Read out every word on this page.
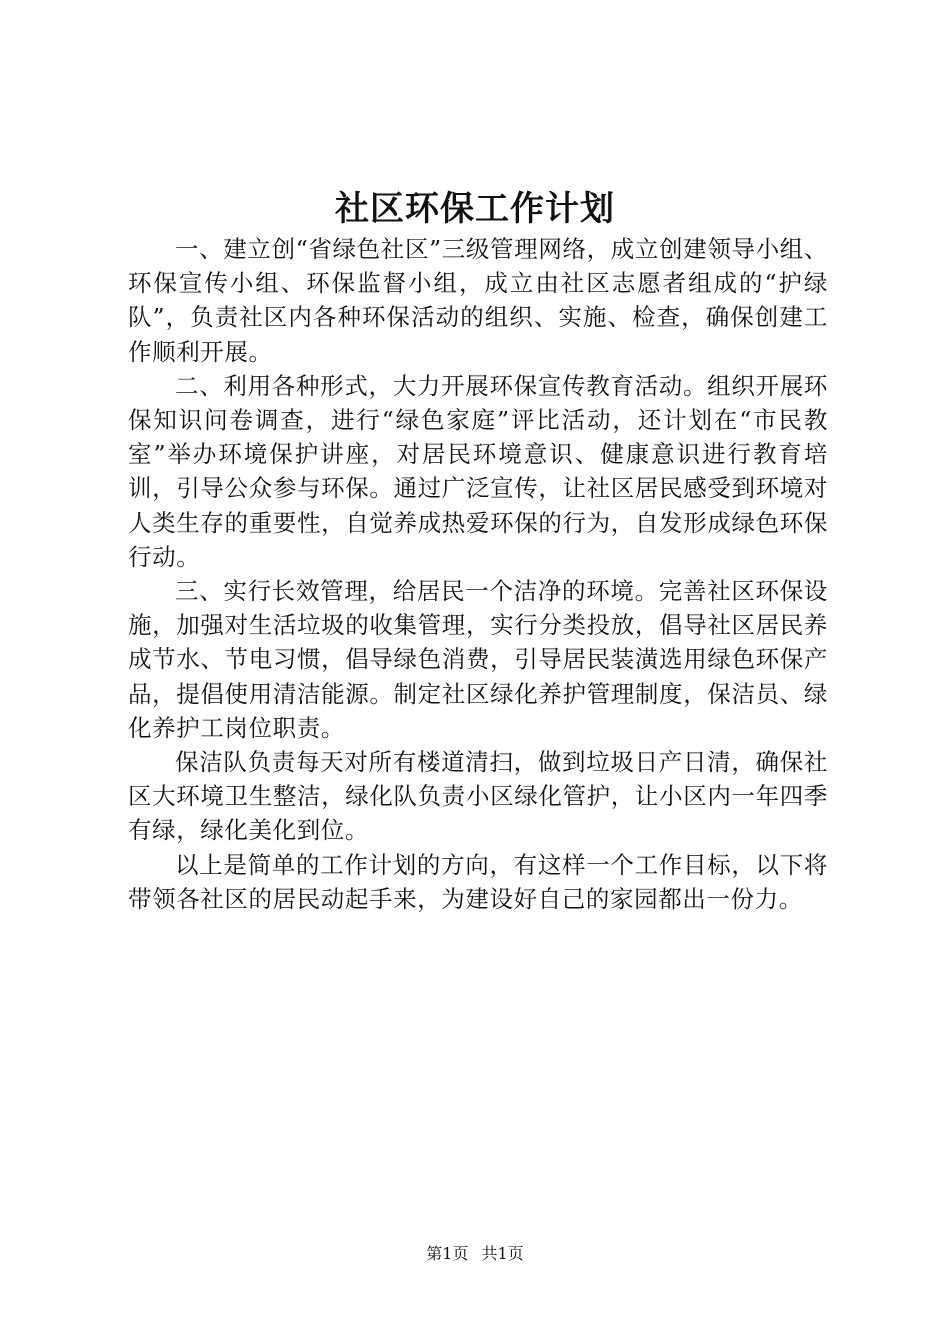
社区环保工作计划

一、建立创“省绿色社区”三级管理网络，成立创建领导小组、环保宣传小组、环保监督小组，成立由社区志愿者组成的“护绿队”，负责社区内各种环保活动的组织、实施、检查，确保创建工作顺利开展。

二、利用各种形式，大力开展环保宣传教育活动。组织开展环保知识问卷调查，进行“绿色家庭”评比活动，还计划在“市民教室”举办环境保护讲座，对居民环境意识、健康意识进行教育培训，引导公众参与环保。通过广泛宣传，让社区居民感受到环境对人类生存的重要性，自觉养成热爱环保的行为，自发形成绿色环保行动。

三、实行长效管理，给居民一个洁净的环境。完善社区环保设施，加强对生活垃圾的收集管理，实行分类投放，倡导社区居民养成节水、节电习惯，倡导绿色消费，引导居民装潢选用绿色环保产品，提倡使用清洁能源。制定社区绿化养护管理制度，保洁员、绿化养护工岗位职责。

保洁队负责每天对所有楼道清扫，做到垃圾日产日清，确保社区大环境卫生整洁，绿化队负责小区绿化管护，让小区内一年四季有绿，绿化美化到位。

以上是简单的工作计划的方向，有这样一个工作目标，以下将带领各社区的居民动起手来，为建设好自己的家园都出一份力。

第1页 共1页
